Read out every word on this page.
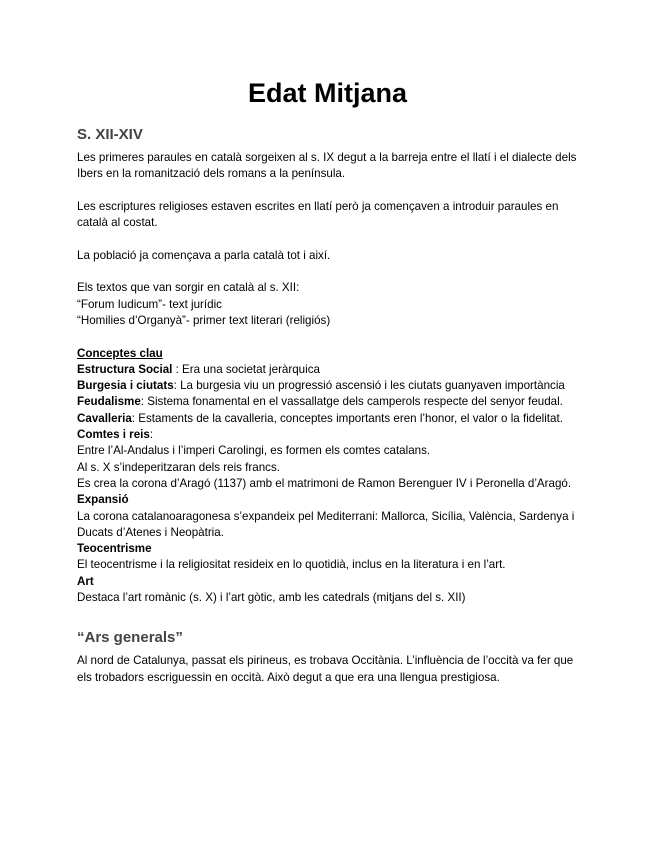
Edat Mitjana
S. XII-XIV

Les primeres paraules en català sorgeixen al s. IX degut a la barreja entre el llatí i el dialecte dels Ibers en la romanització dels romans a la península.

Les escriptures religioses estaven escrites en llatí però ja començaven a introduir paraules en català al costat.

La població ja començava a parla català tot i així.

Els textos que van sorgir en català al s. XII:

“Forum Iudicum”- text jurídic

“Homilies d’Organyà”- primer text literari (religiós)

Conceptes clau

Estructura Social : Era una societat jeràrquica

Burgesia i ciutats: La burgesia viu un progressió ascensió i les ciutats guanyaven importància

Feudalisme: Sistema fonamental en el vassallatge dels camperols respecte del senyor feudal.

Cavalleria: Estaments de la cavalleria, conceptes importants eren l’honor, el valor o la fidelitat.

Comtes i reis:

Entre l’Al-Andalus i l’imperi Carolingi, es formen els comtes catalans.

Al s. X s’indeperitzaran dels reis francs.

Es crea la corona d’Aragó (1137) amb el matrimoni de Ramon Berenguer IV i Peronella d’Aragó.

Expansió

La corona catalanoaragonesa s’expandeix pel Mediterrani: Mallorca, Sicília, València, Sardenya i Ducats d’Atenes i Neopàtria.

Teocentrisme

El teocentrisme i la religiositat resideix en lo quotidià, inclus en la literatura i en l’art.

Art

Destaca l’art romànic (s. X) i l’art gòtic, amb les catedrals (mitjans del s. XII)

“Ars generals”

Al nord de Catalunya, passat els pirineus, es trobava Occitània. L’influència de l’occità va fer que els trobadors escriguessin en occità. Això degut a que era una llengua prestigiosa.
